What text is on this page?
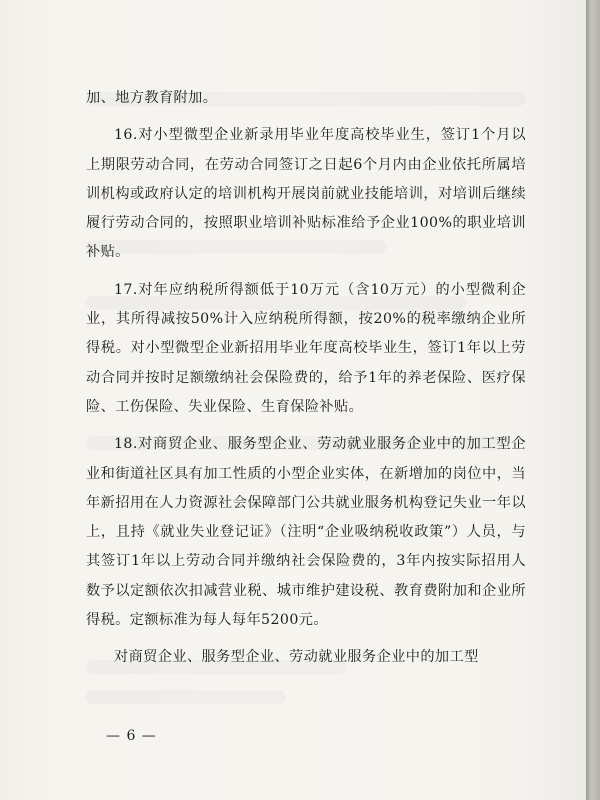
加、地方教育附加。

16.对小型微型企业新录用毕业年度高校毕业生，签订1个月以上期限劳动合同，在劳动合同签订之日起6个月内由企业依托所属培训机构或政府认定的培训机构开展岗前就业技能培训，对培训后继续履行劳动合同的，按照职业培训补贴标准给予企业100%的职业培训补贴。

17.对年应纳税所得额低于10万元（含10万元）的小型微利企业，其所得减按50%计入应纳税所得额，按20%的税率缴纳企业所得税。对小型微型企业新招用毕业年度高校毕业生，签订1年以上劳动合同并按时足额缴纳社会保险费的，给予1年的养老保险、医疗保险、工伤保险、失业保险、生育保险补贴。

18.对商贸企业、服务型企业、劳动就业服务企业中的加工型企业和街道社区具有加工性质的小型企业实体，在新增加的岗位中，当年新招用在人力资源社会保障部门公共就业服务机构登记失业一年以上，且持《就业失业登记证》（注明“企业吸纳税收政策”）人员，与其签订1年以上劳动合同并缴纳社会保险费的，3年内按实际招用人数予以定额依次扣减营业税、城市维护建设税、教育费附加和企业所得税。定额标准为每人每年5200元。

对商贸企业、服务型企业、劳动就业服务企业中的加工型

— 6 —
